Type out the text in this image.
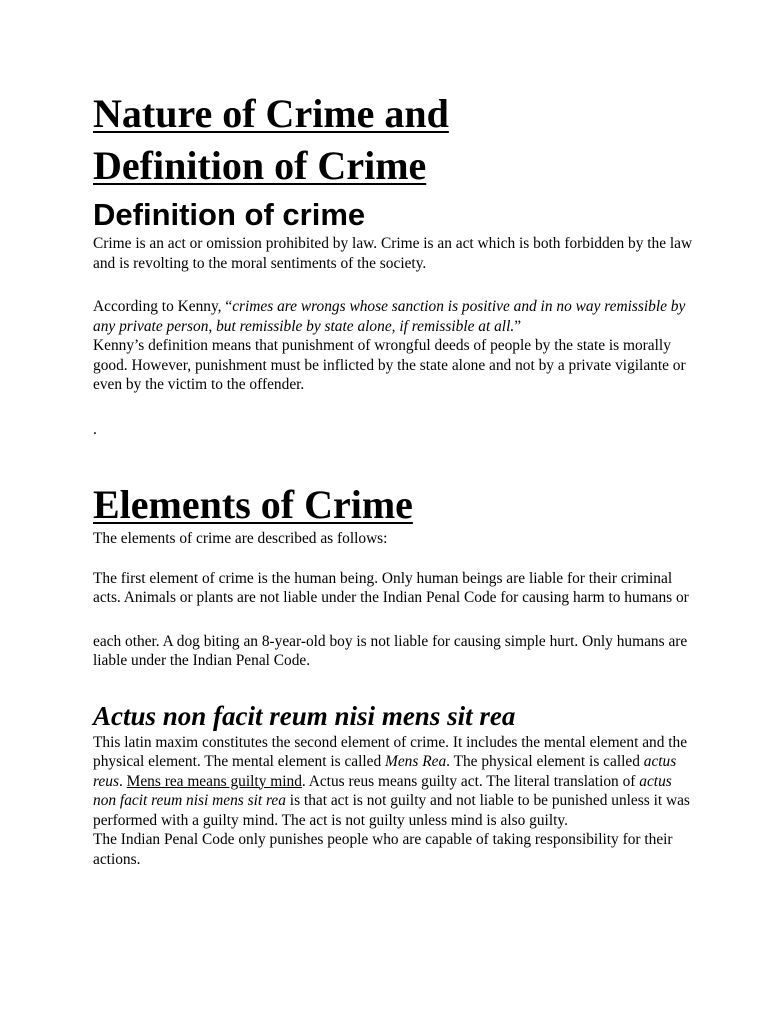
Nature of Crime and
Definition of Crime
Definition of crime

Crime is an act or omission prohibited by law. Crime is an act which is both forbidden by the law and is revolting to the moral sentiments of the society.

According to Kenny, “crimes are wrongs whose sanction is positive and in no way remissible by any private person, but remissible by state alone, if remissible at all.”

Kenny’s definition means that punishment of wrongful deeds of people by the state is morally good. However, punishment must be inflicted by the state alone and not by a private vigilante or even by the victim to the offender.

.

Elements of Crime

The elements of crime are described as follows:

The first element of crime is the human being. Only human beings are liable for their criminal acts. Animals or plants are not liable under the Indian Penal Code for causing harm to humans or

each other. A dog biting an 8-year-old boy is not liable for causing simple hurt. Only humans are liable under the Indian Penal Code.

Actus non facit reum nisi mens sit rea

This latin maxim constitutes the second element of crime. It includes the mental element and the physical element. The mental element is called Mens Rea. The physical element is called actus reus. Mens rea means guilty mind. Actus reus means guilty act. The literal translation of actus non facit reum nisi mens sit rea is that act is not guilty and not liable to be punished unless it was performed with a guilty mind. The act is not guilty unless mind is also guilty.

The Indian Penal Code only punishes people who are capable of taking responsibility for their actions.
